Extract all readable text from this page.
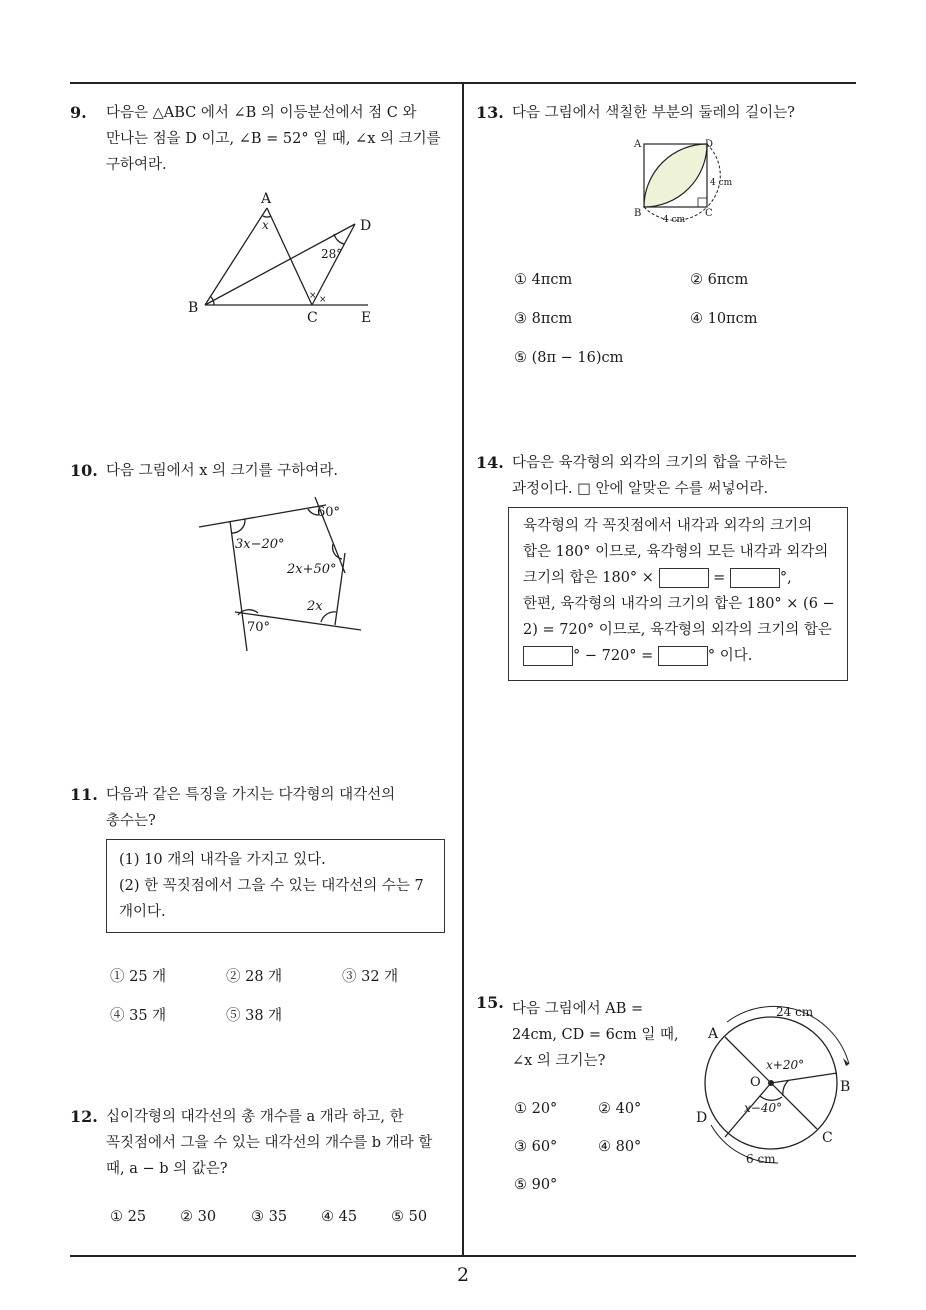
9. 다음은 △ABC 에서 ∠B 의 이등분선에서 점 C 와
만나는 점을 D 이고, ∠B = 52° 일 때, ∠x 의 크기를
구하여라.
A
B
C
D
E
x
28°
× ×
10. 다음 그림에서 x 의 크기를 구하여라.
60°
3x−20°
2x+50°
2x
70°
11. 다음과 같은 특징을 가지는 다각형의 대각선의
총수는?
(1) 10 개의 내각을 가지고 있다.
(2) 한 꼭짓점에서 그을 수 있는 대각선의 수는 7
개이다.
① 25 개	② 28 개	③ 32 개
④ 35 개	⑤ 38 개
12. 십이각형의 대각선의 총 개수를 a 개라 하고, 한
꼭짓점에서 그을 수 있는 대각선의 개수를 b 개라 할
때, a − b 의 값은?
① 25 ② 30 ③ 35 ④ 45 ⑤ 50
13. 다음 그림에서 색칠한 부분의 둘레의 길이는?
A
B	C
D
4 cm
4 cm
① 4πcm	② 6πcm
③ 8πcm	④ 10πcm
⑤ (8π − 16)cm
14. 다음은 육각형의 외각의 크기의 합을 구하는
과정이다. □ 안에 알맞은 수를 써넣어라.
육각형의 각 꼭짓점에서 내각과 외각의 크기의
합은 180° 이므로, 육각형의 모든 내각과 외각의
크기의 합은 180° ×	=	°,
한편, 육각형의 내각의 크기의 합은 180° × (6 −
2) = 720° 이므로, 육각형의 외각의 크기의 합은
° − 720° =	° 이다.
15. 다음 그림에서 AB =
24cm, CD = 6cm 일 때,
∠x 의 크기는?
A
B
C
D
O
24 cm
6 cm
x+20°
x−40°
① 20°	② 40°
③ 60°	④ 80°
⑤ 90°
2
